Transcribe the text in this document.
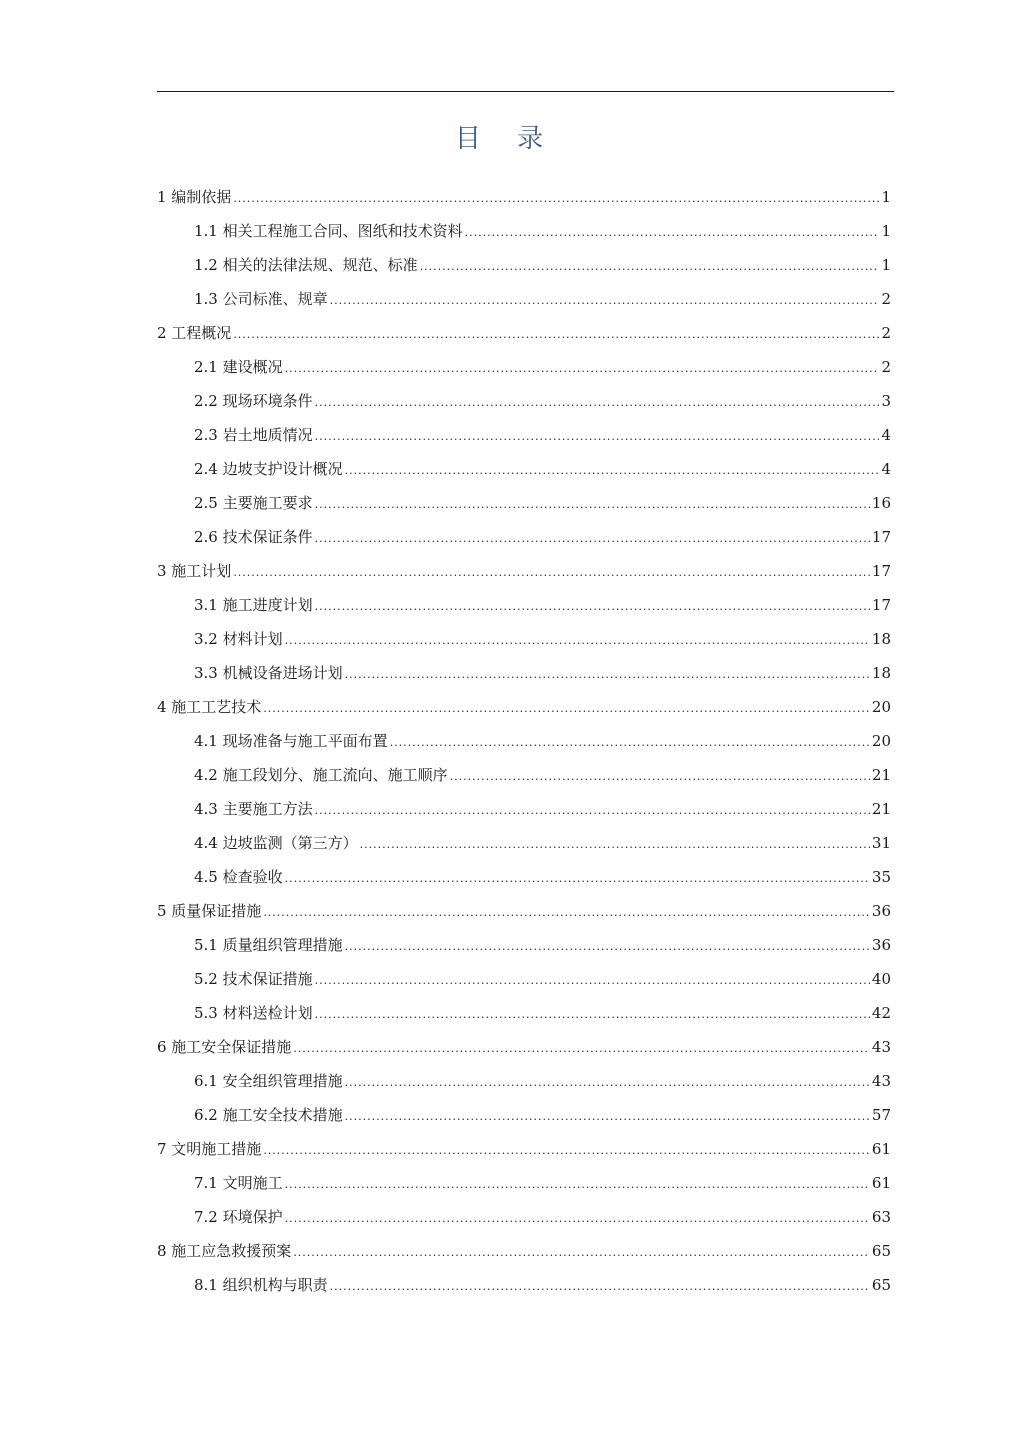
目 录
1 编制依据 .....	1
1.1 相关工程施工合同、图纸和技术资料 .....	1
1.2 相关的法律法规、规范、标准 .....	1
1.3 公司标准、规章 .....	2
2 工程概况 .....	2
2.1 建设概况 .....	2
2.2 现场环境条件 .....	3
2.3 岩土地质情况 .....	4
2.4 边坡支护设计概况 .....	4
2.5 主要施工要求 .....	16
2.6 技术保证条件 .....	17
3 施工计划 .....	17
3.1 施工进度计划 .....	17
3.2 材料计划 .....	18
3.3 机械设备进场计划 .....	18
4 施工工艺技术 .....	20
4.1 现场准备与施工平面布置 .....	20
4.2 施工段划分、施工流向、施工顺序 .....	21
4.3 主要施工方法 .....	21
4.4 边坡监测（第三方） .....	31
4.5 检查验收 .....	35
5 质量保证措施 .....	36
5.1 质量组织管理措施 .....	36
5.2 技术保证措施 .....	40
5.3 材料送检计划 .....	42
6 施工安全保证措施 .....	43
6.1 安全组织管理措施 .....	43
6.2 施工安全技术措施 .....	57
7 文明施工措施 .....	61
7.1 文明施工 .....	61
7.2 环境保护 .....	63
8 施工应急救援预案 .....	65
8.1 组织机构与职责 .....	65
